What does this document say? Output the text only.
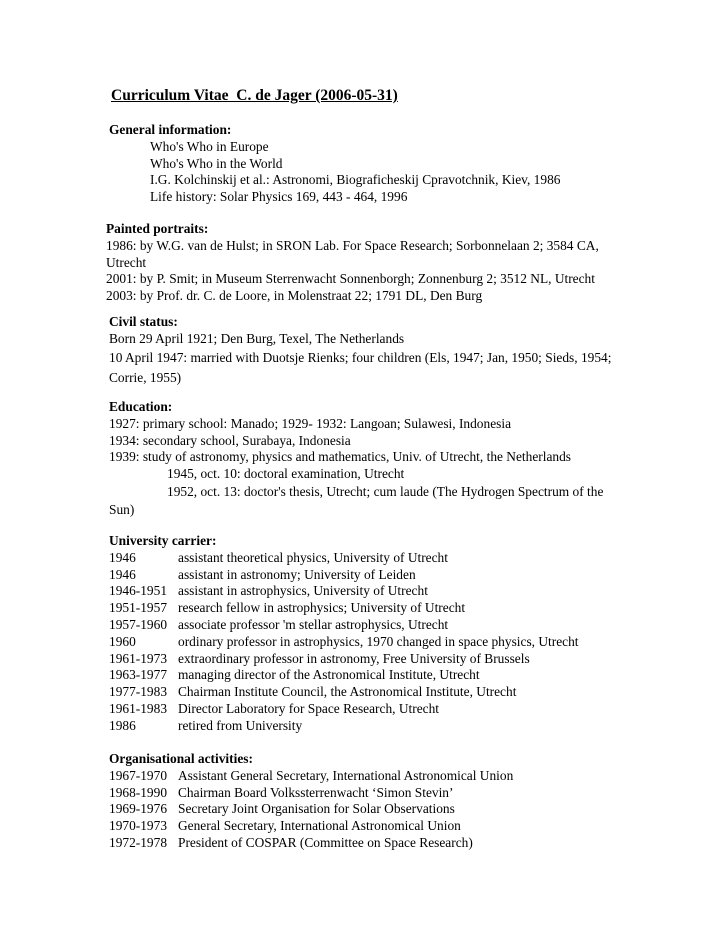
Curriculum Vitae  C. de Jager (2006-05-31)
General information:
Who's Who in Europe
Who's Who in the World
I.G. Kolchinskij et al.: Astronomi, Biograficheskij Cpravotchnik, Kiev, 1986
Life history: Solar Physics 169, 443 - 464, 1996
Painted portraits:
1986: by W.G. van de Hulst; in SRON Lab. For Space Research; Sorbonnelaan 2; 3584 CA, Utrecht
2001: by P. Smit; in Museum Sterrenwacht Sonnenborgh; Zonnenburg 2; 3512 NL, Utrecht
2003: by Prof. dr. C. de Loore, in Molenstraat 22; 1791 DL, Den Burg
Civil status:
Born 29 April 1921; Den Burg, Texel, The Netherlands
10 April 1947: married with Duotsje Rienks; four children (Els, 1947; Jan, 1950; Sieds, 1954; Corrie, 1955)
Education:
1927: primary school: Manado; 1929- 1932: Langoan; Sulawesi, Indonesia
1934: secondary school, Surabaya, Indonesia
1939: study of astronomy, physics and mathematics, Univ. of Utrecht, the Netherlands
1945, oct. 10: doctoral examination, Utrecht
1952, oct. 13: doctor's thesis, Utrecht; cum laude (The Hydrogen Spectrum of the
Sun)
University carrier:
1946	assistant theoretical physics, University of Utrecht
1946	assistant in astronomy; University of Leiden
1946-1951 assistant in astrophysics, University of Utrecht
1951-1957 research fellow in astrophysics; University of Utrecht
1957-1960 associate professor 'm stellar astrophysics, Utrecht
1960	ordinary professor in astrophysics, 1970 changed in space physics, Utrecht
1961-1973 extraordinary professor in astronomy, Free University of Brussels
1963-1977 managing director of the Astronomical Institute, Utrecht
1977-1983 Chairman Institute Council, the Astronomical Institute, Utrecht
1961-1983 Director Laboratory for Space Research, Utrecht
1986	retired from University
Organisational activities:
1967-1970 Assistant General Secretary, International Astronomical Union
1968-1990 Chairman Board Volkssterrenwacht ‘Simon Stevin’
1969-1976 Secretary Joint Organisation for Solar Observations
1970-1973 General Secretary, International Astronomical Union
1972-1978 President of COSPAR (Committee on Space Research)
